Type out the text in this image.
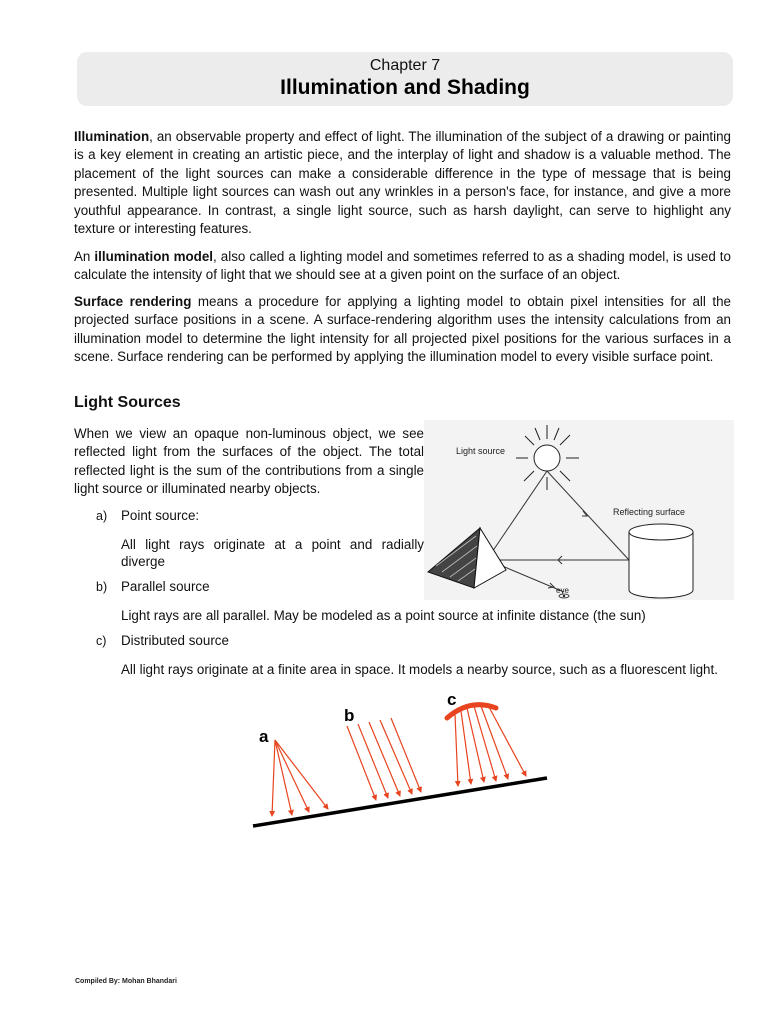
Chapter 7
Illumination and Shading

Illumination, an observable property and effect of light. The illumination of the subject of a drawing or painting is a key element in creating an artistic piece, and the interplay of light and shadow is a valuable method. The placement of the light sources can make a considerable difference in the type of message that is being presented. Multiple light sources can wash out any wrinkles in a person's face, for instance, and give a more youthful appearance. In contrast, a single light source, such as harsh daylight, can serve to highlight any texture or interesting features.

An illumination model, also called a lighting model and sometimes referred to as a shading model, is used to calculate the intensity of light that we should see at a given point on the surface of an object.

Surface rendering means a procedure for applying a lighting model to obtain pixel intensities for all the projected surface positions in a scene. A surface-rendering algorithm uses the intensity calculations from an illumination model to determine the light intensity for all projected pixel positions for the various surfaces in a scene. Surface rendering can be performed by applying the illumination model to every visible surface point.

Light Sources

When we view an opaque non-luminous object, we see reflected light from the surfaces of the object. The total reflected light is the sum of the contributions from a single light source or illuminated nearby objects.

a) Point source:

All light rays originate at a point and radially diverge

b) Parallel source

Light rays are all parallel. May be modeled as a point source at infinite distance (the sun)

c) Distributed source

All light rays originate at a finite area in space. It models a nearby source, such as a fluorescent light.

Light source
Reflecting surface
eye
a
b
c
Compiled By: Mohan Bhandari
